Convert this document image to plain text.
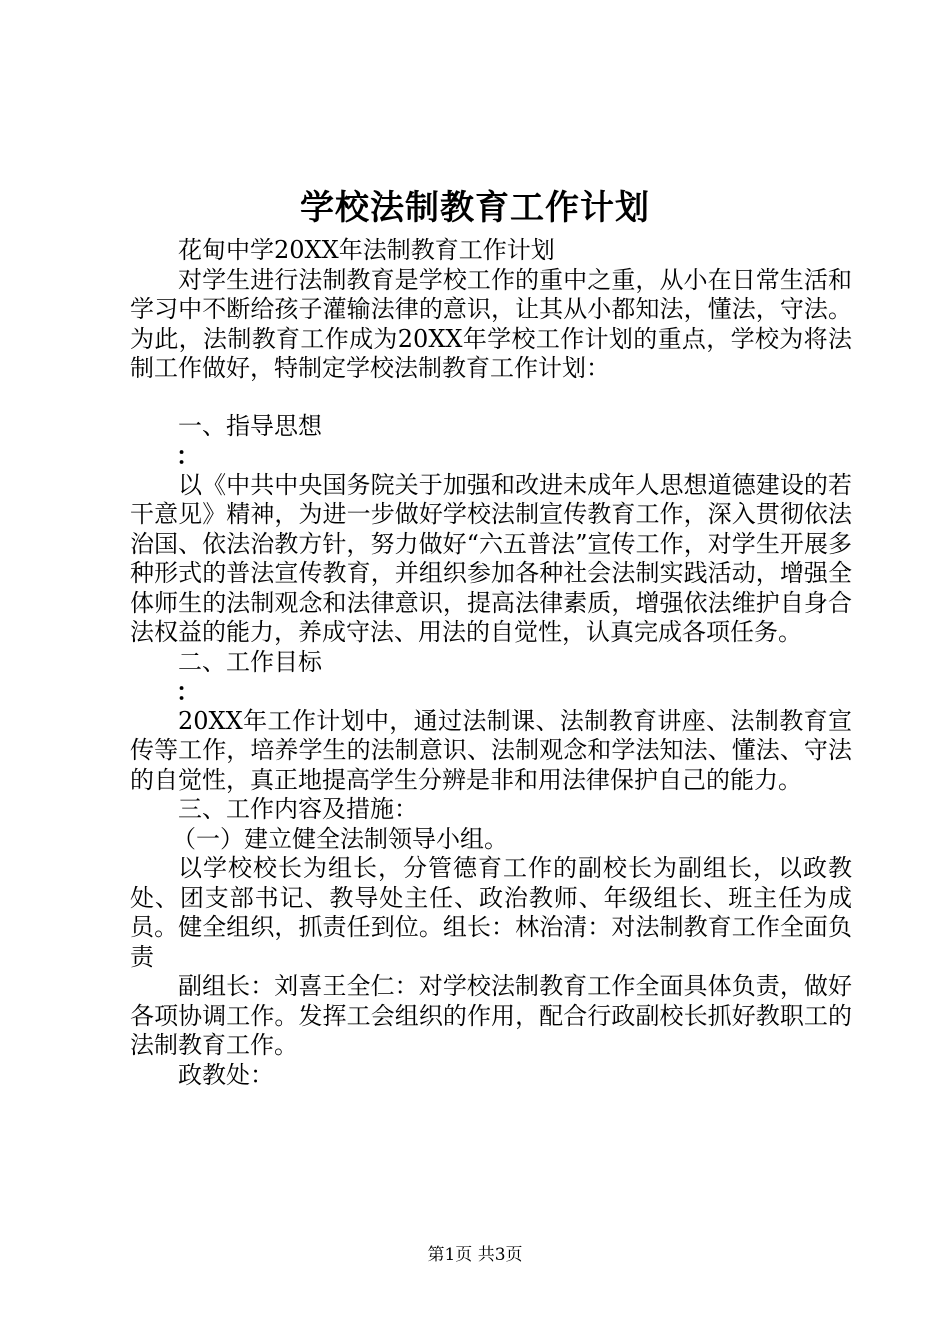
学校法制教育工作计划

花甸中学20XX年法制教育工作计划

对学生进行法制教育是学校工作的重中之重，从小在日常生活和学习中不断给孩子灌输法律的意识，让其从小都知法，懂法，守法。为此，法制教育工作成为20XX年学校工作计划的重点，学校为将法制工作做好，特制定学校法制教育工作计划：

一、指导思想

：

以《中共中央国务院关于加强和改进未成年人思想道德建设的若干意见》精神，为进一步做好学校法制宣传教育工作，深入贯彻依法治国、依法治教方针，努力做好“六五普法”宣传工作，对学生开展多种形式的普法宣传教育，并组织参加各种社会法制实践活动，增强全体师生的法制观念和法律意识，提高法律素质，增强依法维护自身合法权益的能力，养成守法、用法的自觉性，认真完成各项任务。

二、工作目标

：

20XX年工作计划中，通过法制课、法制教育讲座、法制教育宣传等工作，培养学生的法制意识、法制观念和学法知法、懂法、守法的自觉性，真正地提高学生分辨是非和用法律保护自己的能力。

三、工作内容及措施：

（一）建立健全法制领导小组。

以学校校长为组长，分管德育工作的副校长为副组长，以政教处、团支部书记、教导处主任、政治教师、年级组长、班主任为成员。健全组织，抓责任到位。组长：林治清：对法制教育工作全面负责

副组长：刘喜王全仁：对学校法制教育工作全面具体负责，做好各项协调工作。发挥工会组织的作用，配合行政副校长抓好教职工的法制教育工作。

政教处：

第1页 共3页
